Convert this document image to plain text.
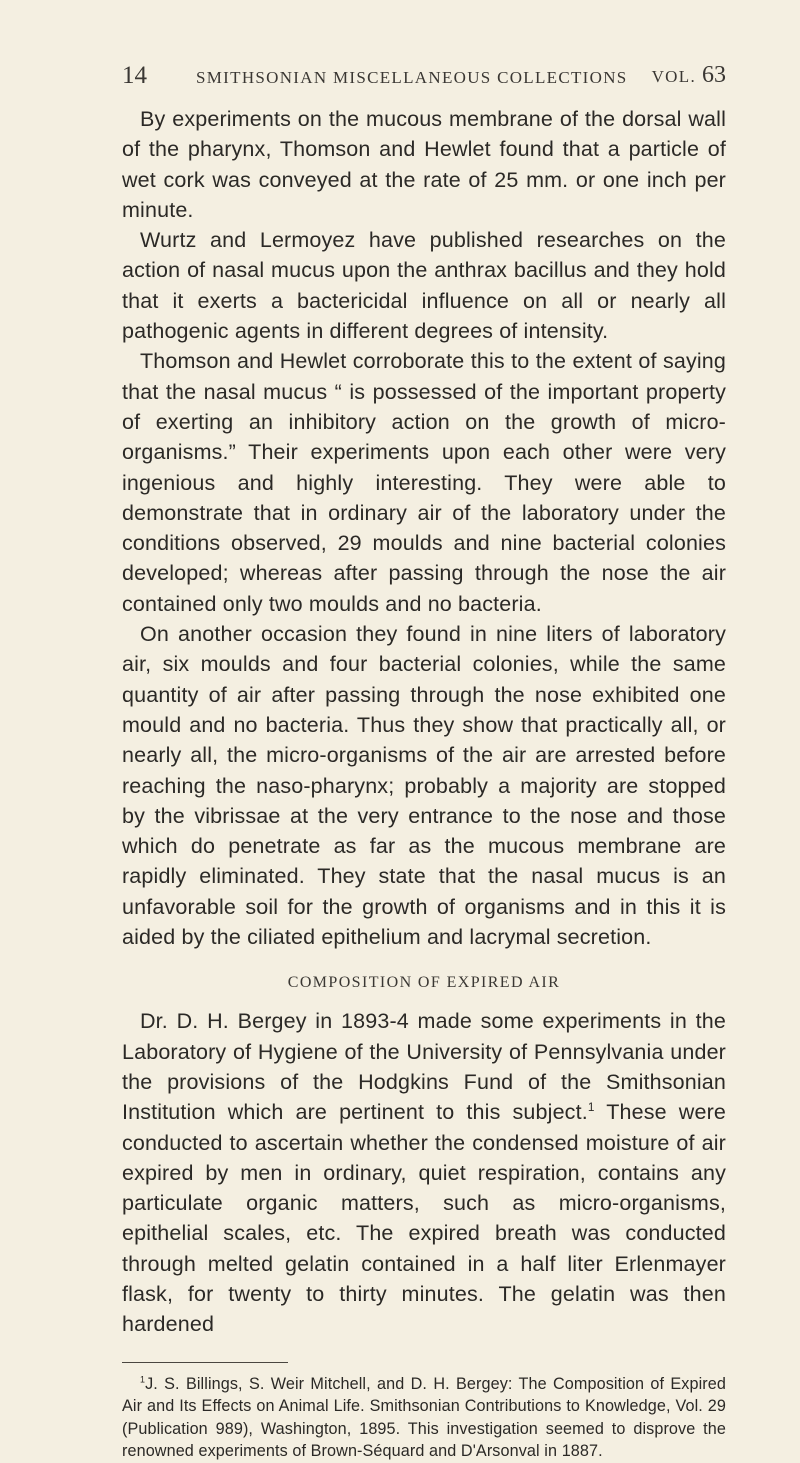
14	SMITHSONIAN MISCELLANEOUS COLLECTIONS VOL. 63

By experiments on the mucous membrane of the dorsal wall of the pharynx, Thomson and Hewlet found that a particle of wet cork was conveyed at the rate of 25 mm. or one inch per minute.

Wurtz and Lermoyez have published researches on the action of nasal mucus upon the anthrax bacillus and they hold that it exerts a bactericidal influence on all or nearly all pathogenic agents in different degrees of intensity.

Thomson and Hewlet corroborate this to the extent of saying that the nasal mucus “ is possessed of the important property of exerting an inhibitory action on the growth of micro-organisms.” Their experiments upon each other were very ingenious and highly interesting. They were able to demonstrate that in ordinary air of the laboratory under the conditions observed, 29 moulds and nine bacterial colonies developed; whereas after passing through the nose the air contained only two moulds and no bacteria.

On another occasion they found in nine liters of laboratory air, six moulds and four bacterial colonies, while the same quantity of air after passing through the nose exhibited one mould and no bacteria. Thus they show that practically all, or nearly all, the micro-organisms of the air are arrested before reaching the naso-pharynx; probably a majority are stopped by the vibrissae at the very entrance to the nose and those which do penetrate as far as the mucous membrane are rapidly eliminated. They state that the nasal mucus is an unfavorable soil for the growth of organisms and in this it is aided by the ciliated epithelium and lacrymal secretion.

COMPOSITION OF EXPIRED AIR

Dr. D. H. Bergey in 1893-4 made some experiments in the Laboratory of Hygiene of the University of Pennsylvania under the provisions of the Hodgkins Fund of the Smithsonian Institution which are pertinent to this subject.$^1$ These were conducted to ascertain whether the condensed moisture of air expired by men in ordinary, quiet respiration, contains any particulate organic matters, such as micro-organisms, epithelial scales, etc. The expired breath was conducted through melted gelatin contained in a half liter Erlenmayer flask, for twenty to thirty minutes. The gelatin was then hardened

$^1$J. S. Billings, S. Weir Mitchell, and D. H. Bergey: The Composition of Expired Air and Its Effects on Animal Life. Smithsonian Contributions to Knowledge, Vol. 29 (Publication 989), Washington, 1895. This investigation seemed to disprove the renowned experiments of Brown-Séquard and D'Arsonval in 1887.
